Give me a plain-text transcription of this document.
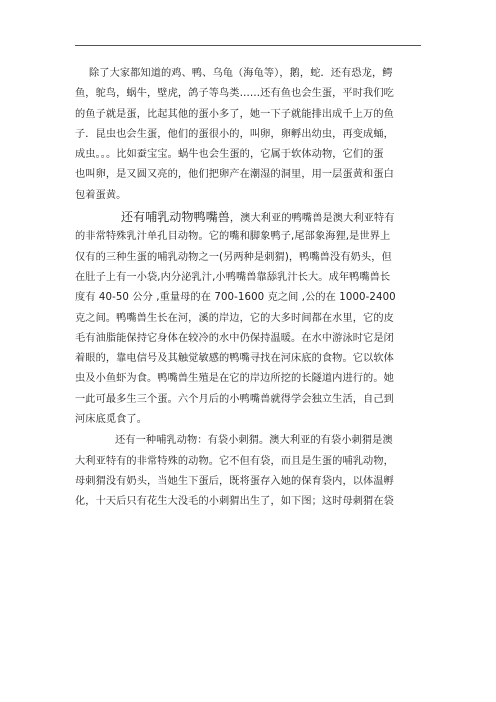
除了大家都知道的鸡、鸭、乌龟（海龟等），鹅，蛇．还有恐龙，鳄
鱼，鸵鸟，蜗牛，壁虎，鸽子等鸟类……还有鱼也会生蛋，平时我们吃
的鱼子就是蛋，比起其他的蛋小多了，她一下子就能排出成千上万的鱼
子．昆虫也会生蛋，他们的蛋很小的，叫卵，卵孵出幼虫，再变成蛹，
成虫。。。比如蚕宝宝。蜗牛也会生蛋的，它属于软体动物，它们的蛋
也叫卵，是又圆又亮的，他们把卵产在潮湿的洞里，用一层蛋黄和蛋白
包着蛋黄。
还有哺乳动物鸭嘴兽，澳大利亚的鸭嘴兽是澳大利亚特有
的非常特殊乳汁单孔目动物。它的嘴和脚象鸭子,尾部象海狸,是世界上
仅有的三种生蛋的哺乳动物之一(另两种是刺猬)，鸭嘴兽没有奶头，但
在肚子上有一小袋,内分泌乳汁,小鸭嘴兽靠舔乳汁长大。成年鸭嘴兽长
度有 40-50 公分 ,重量母的在 700-1600 克之间 ,公的在 1000-2400
克之间。鸭嘴兽生长在河，溪的岸边，它的大多时间都在水里，它的皮
毛有油脂能保持它身体在较冷的水中仍保持温暖。在水中游泳时它是闭
着眼的，靠电信号及其触觉敏感的鸭嘴寻找在河床底的食物。它以软体
虫及小鱼虾为食。鸭嘴兽生殖是在它的岸边所挖的长隧道内进行的。她
一此可最多生三个蛋。六个月后的小鸭嘴兽就得学会独立生活，自己到
河床底觅食了。
还有一种哺乳动物：有袋小刺猬。澳大利亚的有袋小刺猬是澳
大利亚特有的非常特殊的动物。它不但有袋，而且是生蛋的哺乳动物，
母刺猬没有奶头，当她生下蛋后，既将蛋存入她的保育袋内，以体温孵
化，十天后只有花生大没毛的小刺猬出生了，如下图；这时母刺猬在袋
